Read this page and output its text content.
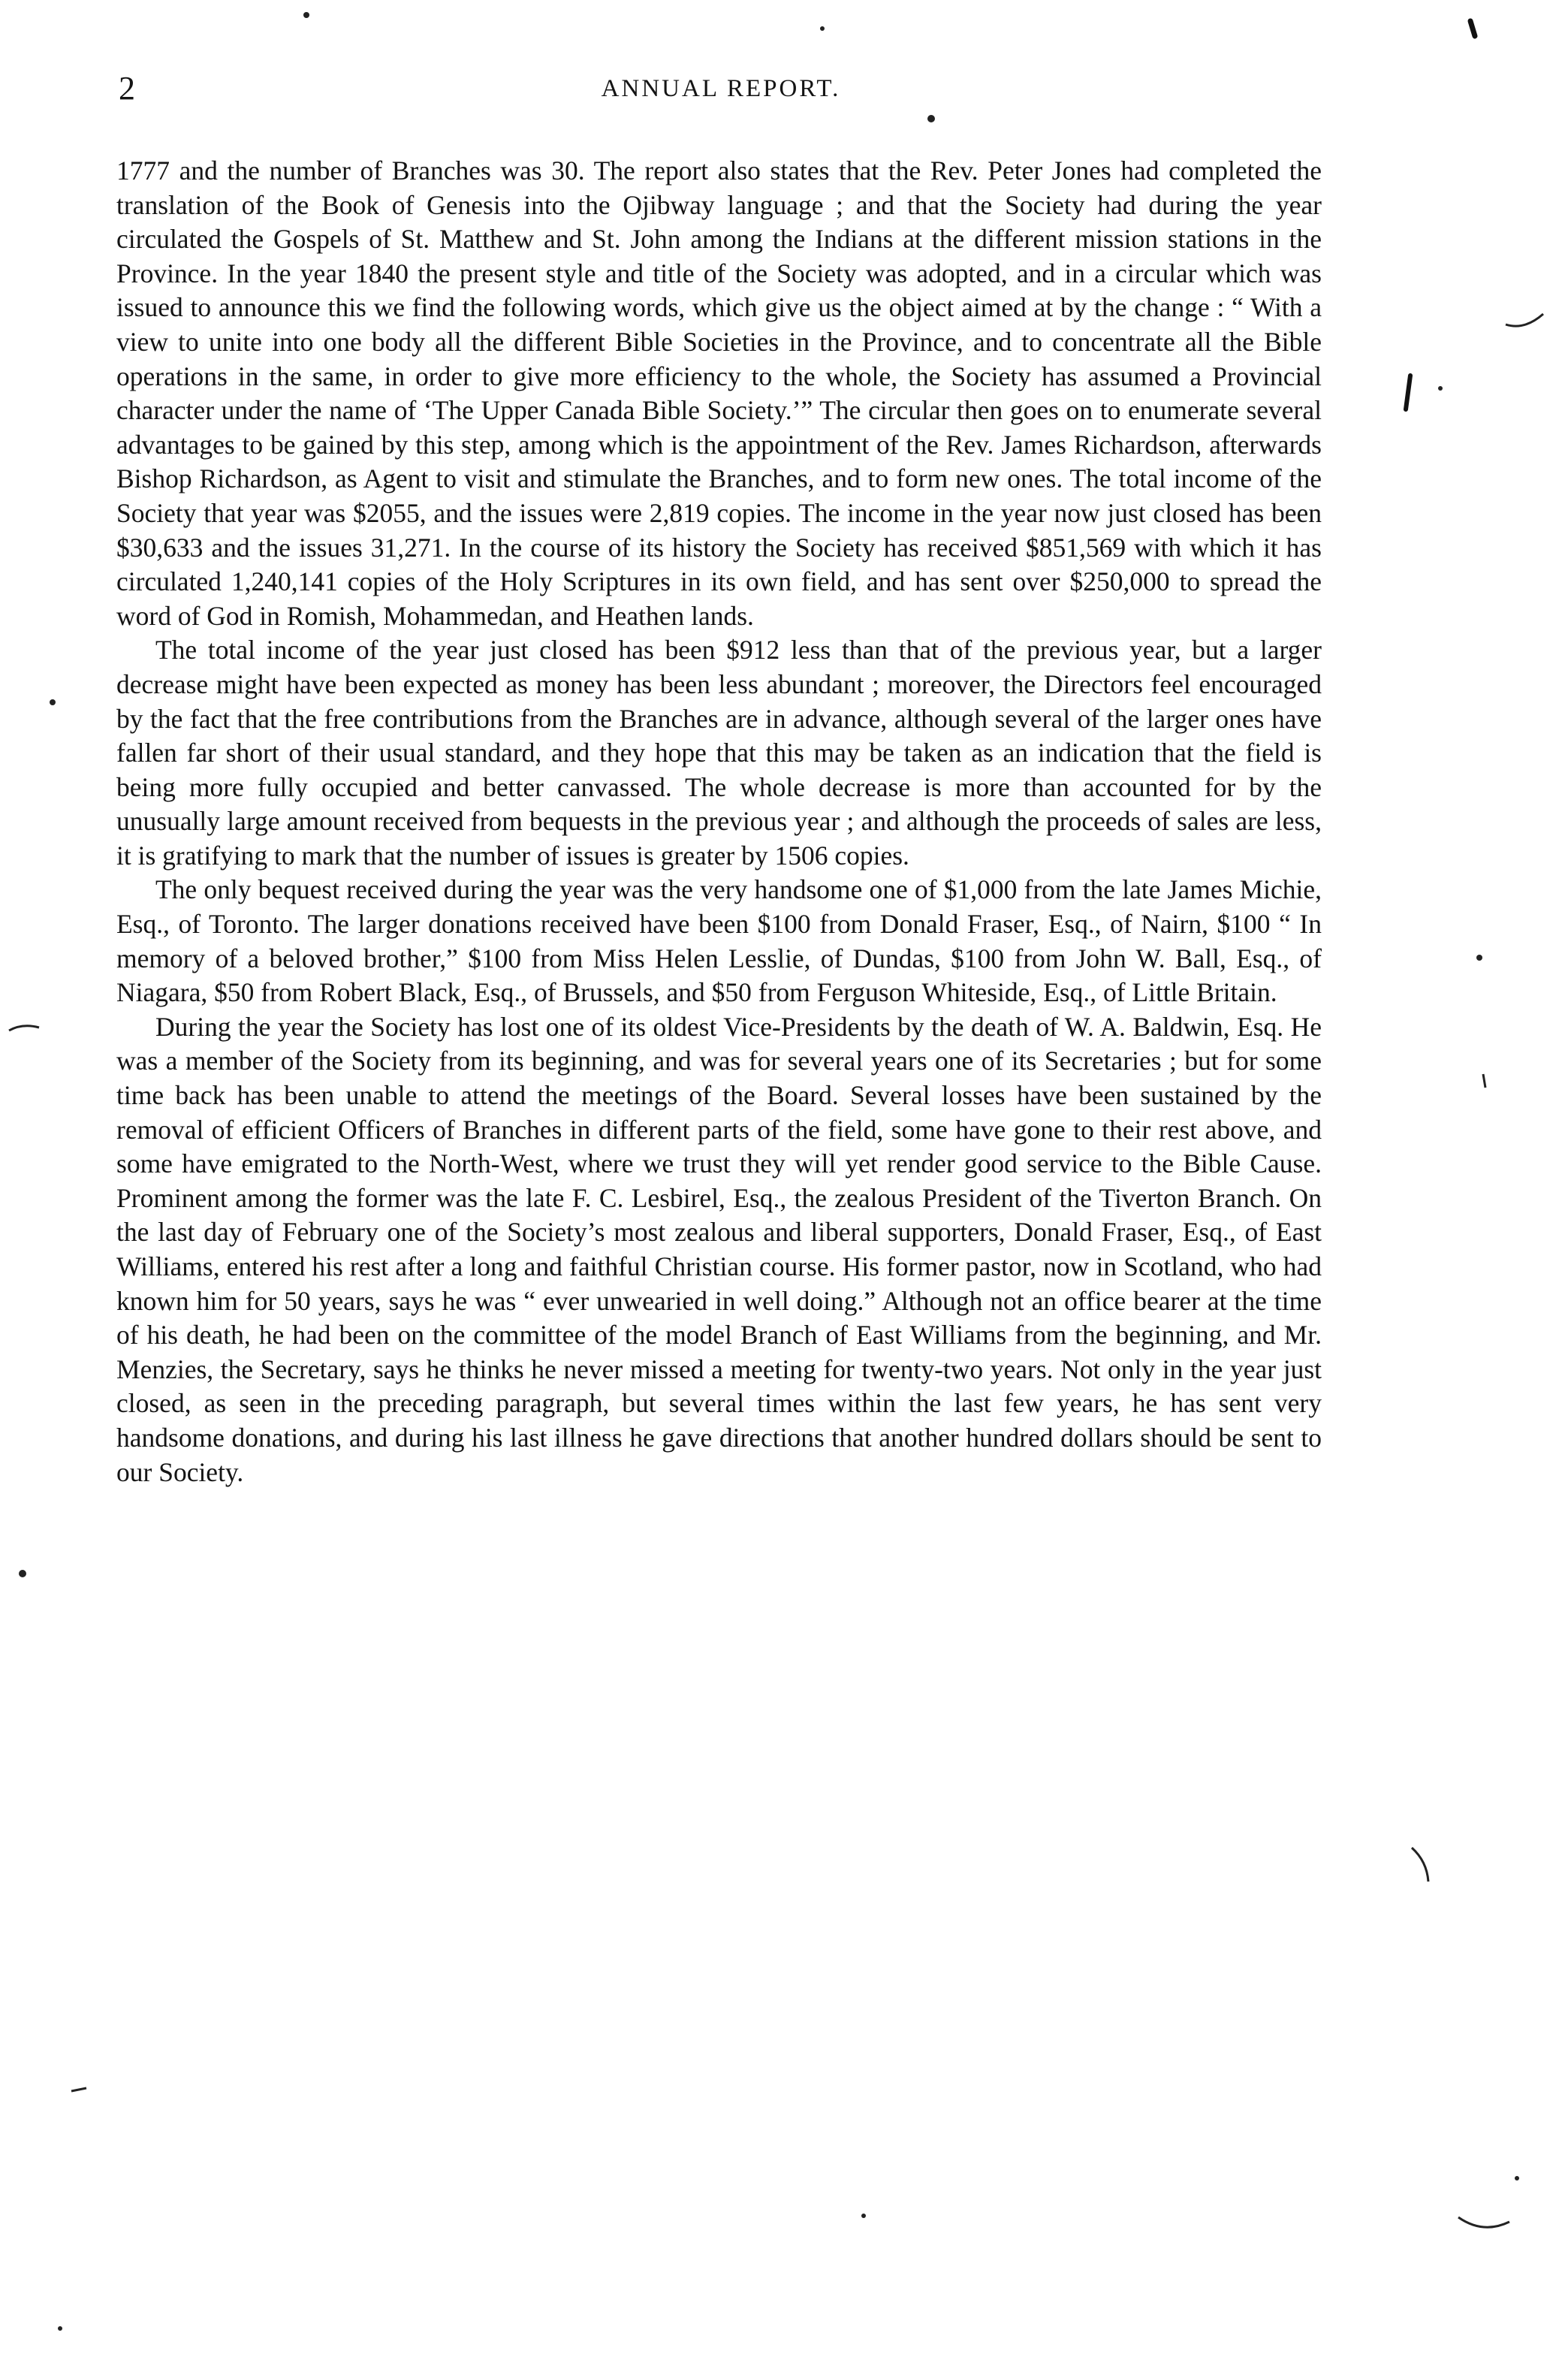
2	ANNUAL REPORT.

1777 and the number of Branches was 30. The report also states that the Rev. Peter Jones had completed the translation of the Book of Genesis into the Ojibway language ; and that the Society had during the year circulated the Gospels of St. Matthew and St. John among the Indians at the different mission stations in the Province. In the year 1840 the present style and title of the Society was adopted, and in a circular which was issued to announce this we find the following words, which give us the object aimed at by the change : “ With a view to unite into one body all the different Bible Societies in the Province, and to concentrate all the Bible operations in the same, in order to give more efficiency to the whole, the Society has assumed a Provincial character under the name of ‘The Upper Canada Bible Society.’” The circular then goes on to enumerate several advantages to be gained by this step, among which is the appointment of the Rev. James Richardson, afterwards Bishop Richardson, as Agent to visit and stimulate the Branches, and to form new ones. The total income of the Society that year was $2055, and the issues were 2,819 copies. The income in the year now just closed has been $30,633 and the issues 31,271. In the course of its history the Society has received $851,569 with which it has circulated 1,240,141 copies of the Holy Scriptures in its own field, and has sent over $250,000 to spread the word of God in Romish, Mohammedan, and Heathen lands.

The total income of the year just closed has been $912 less than that of the previous year, but a larger decrease might have been expected as money has been less abundant ; moreover, the Directors feel encouraged by the fact that the free contributions from the Branches are in advance, although several of the larger ones have fallen far short of their usual standard, and they hope that this may be taken as an indication that the field is being more fully occupied and better canvassed. The whole decrease is more than accounted for by the unusually large amount received from bequests in the previous year ; and although the proceeds of sales are less, it is gratifying to mark that the number of issues is greater by 1506 copies.

The only bequest received during the year was the very handsome one of $1,000 from the late James Michie, Esq., of Toronto. The larger donations received have been $100 from Donald Fraser, Esq., of Nairn, $100 “ In memory of a beloved brother,” $100 from Miss Helen Lesslie, of Dundas, $100 from John W. Ball, Esq., of Niagara, $50 from Robert Black, Esq., of Brussels, and $50 from Ferguson Whiteside, Esq., of Little Britain.

During the year the Society has lost one of its oldest Vice-Presidents by the death of W. A. Baldwin, Esq. He was a member of the Society from its beginning, and was for several years one of its Secretaries ; but for some time back has been unable to attend the meetings of the Board. Several losses have been sustained by the removal of efficient Officers of Branches in different parts of the field, some have gone to their rest above, and some have emigrated to the North-West, where we trust they will yet render good service to the Bible Cause. Prominent among the former was the late F. C. Lesbirel, Esq., the zealous President of the Tiverton Branch. On the last day of February one of the Society’s most zealous and liberal supporters, Donald Fraser, Esq., of East Williams, entered his rest after a long and faithful Christian course. His former pastor, now in Scotland, who had known him for 50 years, says he was “ ever unwearied in well doing.” Although not an office bearer at the time of his death, he had been on the committee of the model Branch of East Williams from the beginning, and Mr. Menzies, the Secretary, says he thinks he never missed a meeting for twenty-two years. Not only in the year just closed, as seen in the preceding paragraph, but several times within the last few years, he has sent very handsome donations, and during his last illness he gave directions that another hundred dollars should be sent to our Society.
